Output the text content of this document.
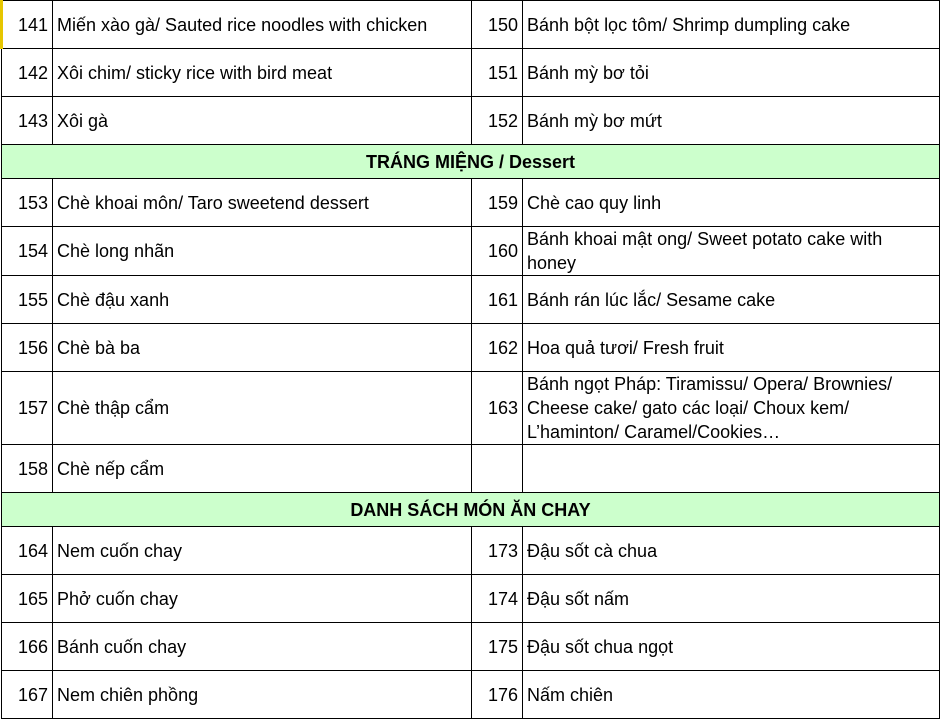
141	Miến xào gà/ Sauted rice noodles with chicken	150	Bánh bột lọc tôm/ Shrimp dumpling cake
142	Xôi chim/ sticky rice with bird meat	151	Bánh mỳ bơ tỏi
143	Xôi gà	152	Bánh mỳ bơ mứt
TRÁNG MIỆNG / Dessert			
153	Chè khoai môn/ Taro sweetend dessert	159	Chè cao quy linh
154	Chè long nhãn	160	Bánh khoai mật ong/ Sweet potato cake with honey
155	Chè đậu xanh	161	Bánh rán lúc lắc/ Sesame cake
156	Chè bà ba	162	Hoa quả tươi/ Fresh fruit
157	Chè thập cẩm	163	Bánh ngọt Pháp: Tiramissu/ Opera/ Brownies/ Cheese cake/ gato các loại/ Choux kem/ L’haminton/ Caramel/Cookies…
158	Chè nếp cẩm		
DANH SÁCH MÓN ĂN CHAY			
164	Nem cuốn chay	173	Đậu sốt cà chua
165	Phở cuốn chay	174	Đậu sốt nấm
166	Bánh cuốn chay	175	Đậu sốt chua ngọt
167	Nem chiên phồng	176	Nấm chiên
